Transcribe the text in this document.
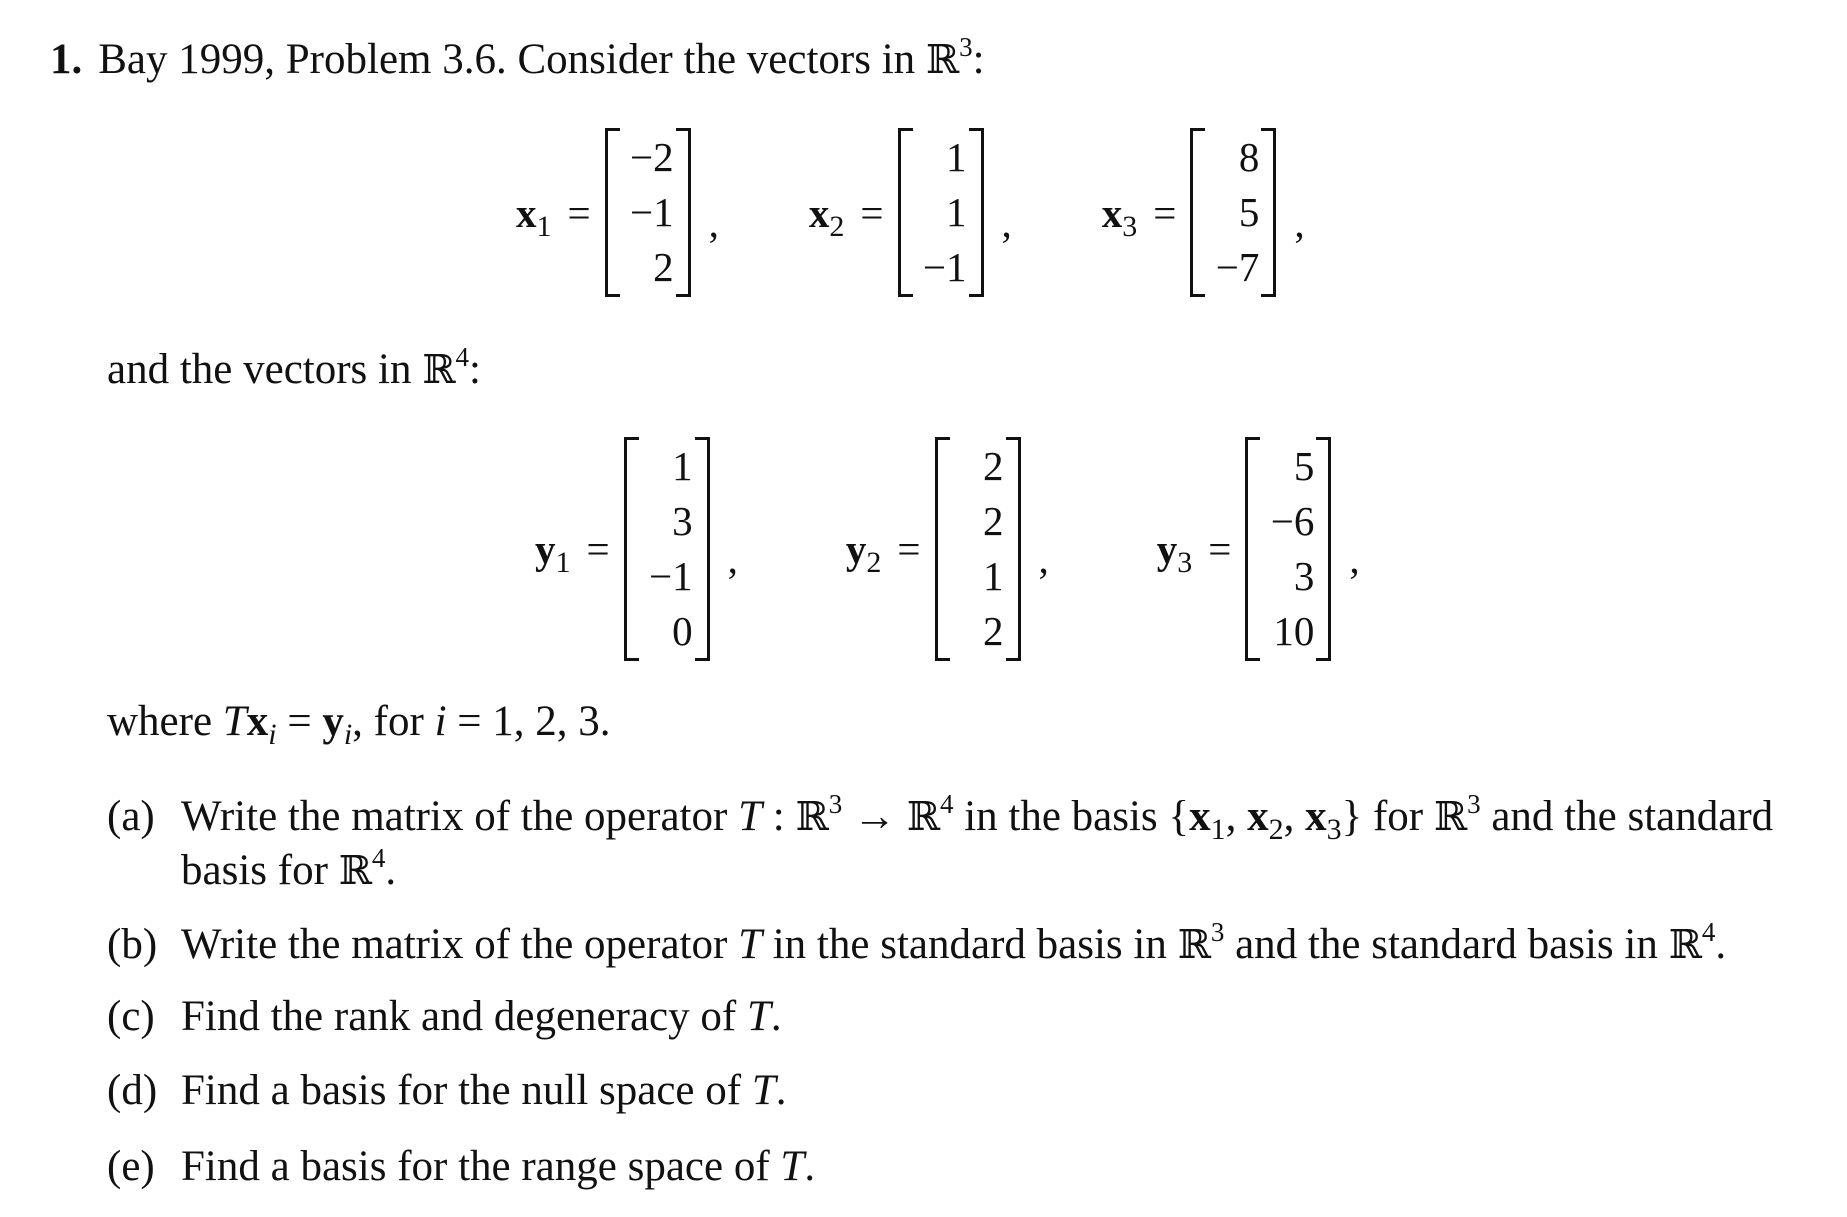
1. Bay 1999, Problem 3.6. Consider the vectors in ℝ$^3$:
$x_1$ =
−2
−1
2
, $x_2$ =
1
1
−1
, $x_3$ =
8
5
−7
,
and the vectors in ℝ$^4$:
$y_1$ =
1
3
−1
0
,	$y_2$ =
2
2
1
2
,	$y_3$ =
5
−6
3
10
,
where $Tx_i = y_i$, for i = 1, 2, 3.
(a) Write the matrix of the operator T : ℝ$^3$ → ℝ$^4$ in the basis {$x_1$, $x_2$, $x_3$} for ℝ$^3$ and the standard basis for ℝ$^4$.
(b) Write the matrix of the operator T in the standard basis in ℝ$^3$ and the standard basis in ℝ$^4$.
(c) Find the rank and degeneracy of T.
(d) Find a basis for the null space of T.
(e) Find a basis for the range space of T.
